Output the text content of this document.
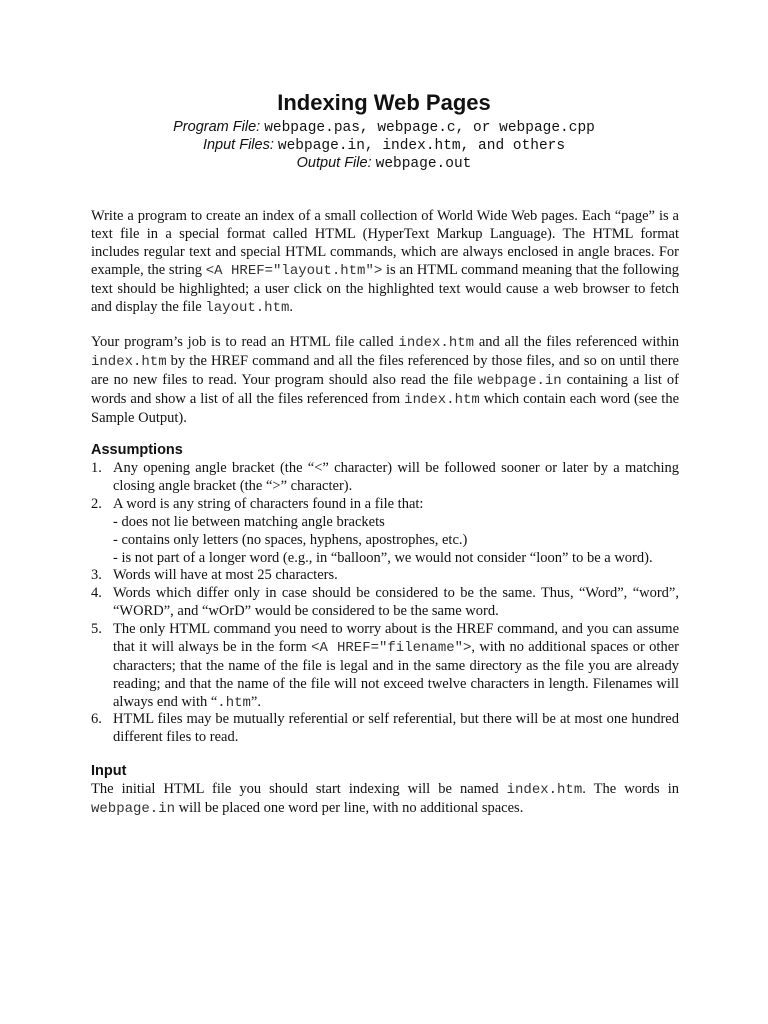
Indexing Web Pages
Program File: webpage.pas, webpage.c, or webpage.cpp
Input Files: webpage.in, index.htm, and others
Output File: webpage.out

Write a program to create an index of a small collection of World Wide Web pages. Each “page” is a text file in a special format called HTML (HyperText Markup Language). The HTML format includes regular text and special HTML commands, which are always enclosed in angle braces. For example, the string <A HREF="layout.htm"> is an HTML command meaning that the following text should be highlighted; a user click on the highlighted text would cause a web browser to fetch and display the file layout.htm.

Your program’s job is to read an HTML file called index.htm and all the files referenced within index.htm by the HREF command and all the files referenced by those files, and so on until there are no new files to read. Your program should also read the file webpage.in containing a list of words and show a list of all the files referenced from index.htm which contain each word (see the Sample Output).

Assumptions
1. Any opening angle bracket (the “<” character) will be followed sooner or later by a matching closing angle bracket (the “>” character).
2. A word is any string of characters found in a file that:
- does not lie between matching angle brackets
- contains only letters (no spaces, hyphens, apostrophes, etc.)
- is not part of a longer word (e.g., in “balloon”, we would not consider “loon” to be a word).
3. Words will have at most 25 characters.
4. Words which differ only in case should be considered to be the same. Thus, “Word”, “word”, “WORD”, and “wOrD” would be considered to be the same word.
5. The only HTML command you need to worry about is the HREF command, and you can assume that it will always be in the form <A HREF="filename">, with no additional spaces or other characters; that the name of the file is legal and in the same directory as the file you are already reading; and that the name of the file will not exceed twelve characters in length. Filenames will always end with “.htm”.
6. HTML files may be mutually referential or self referential, but there will be at most one hundred different files to read.
Input

The initial HTML file you should start indexing will be named index.htm. The words in webpage.in will be placed one word per line, with no additional spaces.
